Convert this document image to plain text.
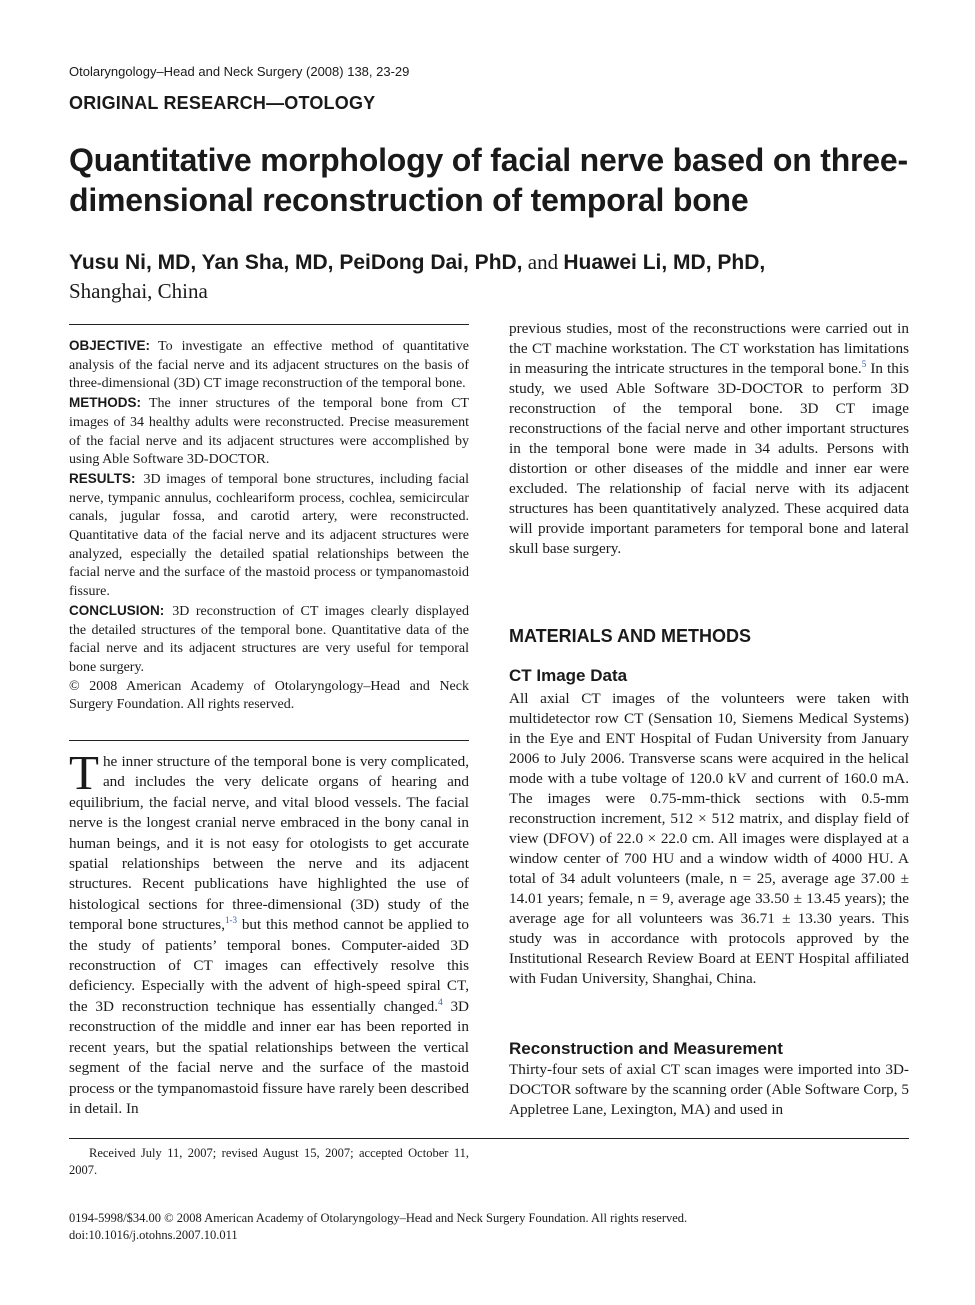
Otolaryngology–Head and Neck Surgery (2008) 138, 23-29
ORIGINAL RESEARCH—OTOLOGY
Quantitative morphology of facial nerve based on three-dimensional reconstruction of temporal bone
Yusu Ni, MD, Yan Sha, MD, PeiDong Dai, PhD, and Huawei Li, MD, PhD,
Shanghai, China

OBJECTIVE: To investigate an effective method of quantitative analysis of the facial nerve and its adjacent structures on the basis of three-dimensional (3D) CT image reconstruction of the temporal bone.

METHODS: The inner structures of the temporal bone from CT images of 34 healthy adults were reconstructed. Precise measurement of the facial nerve and its adjacent structures were accomplished by using Able Software 3D-DOCTOR.

RESULTS: 3D images of temporal bone structures, including facial nerve, tympanic annulus, cochleariform process, cochlea, semicircular canals, jugular fossa, and carotid artery, were reconstructed. Quantitative data of the facial nerve and its adjacent structures were analyzed, especially the detailed spatial relationships between the facial nerve and the surface of the mastoid process or tympanomastoid fissure.

CONCLUSION: 3D reconstruction of CT images clearly displayed the detailed structures of the temporal bone. Quantitative data of the facial nerve and its adjacent structures are very useful for temporal bone surgery.

© 2008 American Academy of Otolaryngology–Head and Neck Surgery Foundation. All rights reserved.

The inner structure of the temporal bone is very complicated, and includes the very delicate organs of hearing and equilibrium, the facial nerve, and vital blood vessels. The facial nerve is the longest cranial nerve embraced in the bony canal in human beings, and it is not easy for otologists to get accurate spatial relationships between the nerve and its adjacent structures. Recent publications have highlighted the use of histological sections for three-dimensional (3D) study of the temporal bone structures,$^{1-3}$ but this method cannot be applied to the study of patients’ temporal bones. Computer-aided 3D reconstruction of CT images can effectively resolve this deficiency. Especially with the advent of high-speed spiral CT, the 3D reconstruction technique has essentially changed.$^4$ 3D reconstruction of the middle and inner ear has been reported in recent years, but the spatial relationships between the vertical segment of the facial nerve and the surface of the mastoid process or the tympanomastoid fissure have rarely been described in detail. In

previous studies, most of the reconstructions were carried out in the CT machine workstation. The CT workstation has limitations in measuring the intricate structures in the temporal bone.$^5$ In this study, we used Able Software 3D-DOCTOR to perform 3D reconstruction of the temporal bone. 3D CT image reconstructions of the facial nerve and other important structures in the temporal bone were made in 34 adults. Persons with distortion or other diseases of the middle and inner ear were excluded. The relationship of facial nerve with its adjacent structures has been quantitatively analyzed. These acquired data will provide important parameters for temporal bone and lateral skull base surgery.

MATERIALS AND METHODS
CT Image Data

All axial CT images of the volunteers were taken with multidetector row CT (Sensation 10, Siemens Medical Systems) in the Eye and ENT Hospital of Fudan University from January 2006 to July 2006. Transverse scans were acquired in the helical mode with a tube voltage of 120.0 kV and current of 160.0 mA. The images were 0.75-mm-thick sections with 0.5-mm reconstruction increment, 512 × 512 matrix, and display field of view (DFOV) of 22.0 × 22.0 cm. All images were displayed at a window center of 700 HU and a window width of 4000 HU. A total of 34 adult volunteers (male, n = 25, average age 37.00 ± 14.01 years; female, n = 9, average age 33.50 ± 13.45 years); the average age for all volunteers was 36.71 ± 13.30 years. This study was in accordance with protocols approved by the Institutional Research Review Board at EENT Hospital affiliated with Fudan University, Shanghai, China.

Reconstruction and Measurement

Thirty-four sets of axial CT scan images were imported into 3D-DOCTOR software by the scanning order (Able Software Corp, 5 Appletree Lane, Lexington, MA) and used in

Received July 11, 2007; revised August 15, 2007; accepted October 11, 2007.
0194-5998/$34.00 © 2008 American Academy of Otolaryngology–Head and Neck Surgery Foundation. All rights reserved.
doi:10.1016/j.otohns.2007.10.011
